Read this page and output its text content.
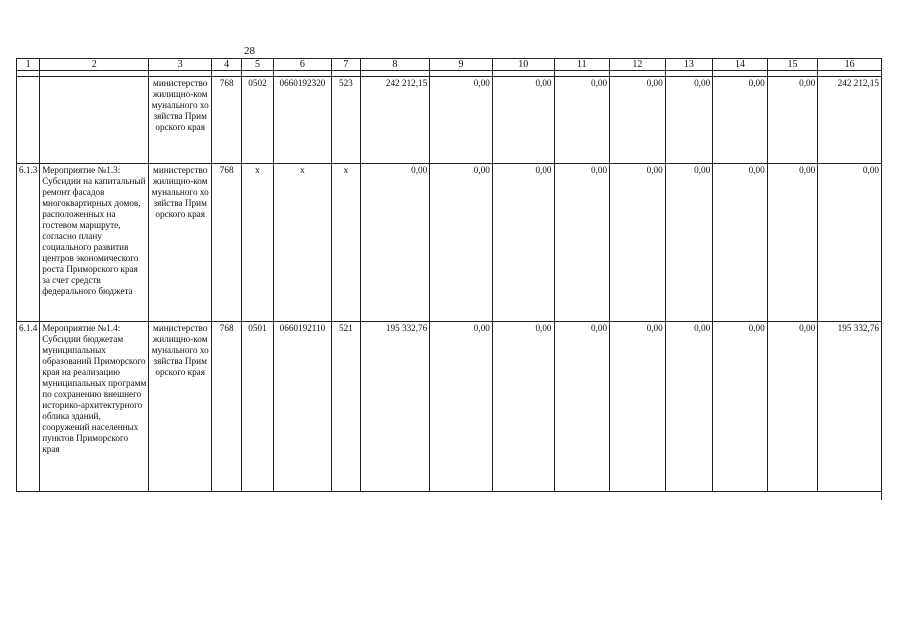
28
1	2	3	4	5	6	7	8	9	10	11	12	13	14	15	16

		министерство жилищно-коммунального хозяйства Приморского края	768	0502	0660192320	523	242 212,15	0,00	0,00	0,00	0,00	0,00	0,00	0,00	242 212,15
6.1.3	Мероприятие №1.3: Субсидии на капитальный ремонт фасадов многоквартирных домов, расположенных на гостевом маршруте, согласно плану социального развития центров экономического роста Приморского края за счет средств федерального бюджета	министерство жилищно-коммунального хозяйства Приморского края	768	x	x	x	0,00	0,00	0,00	0,00	0,00	0,00	0,00	0,00	0,00
6.1.4	Мероприятие №1.4: Субсидии бюджетам муниципальных образований Приморского края на реализацию муниципальных программ по сохранению внешнего историко-архитектурного облика зданий, сооружений населенных пунктов Приморского края	министерство жилищно-коммунального хозяйства Приморского края	768	0501	0660192110	521	195 332,76	0,00	0,00	0,00	0,00	0,00	0,00	0,00	195 332,76
